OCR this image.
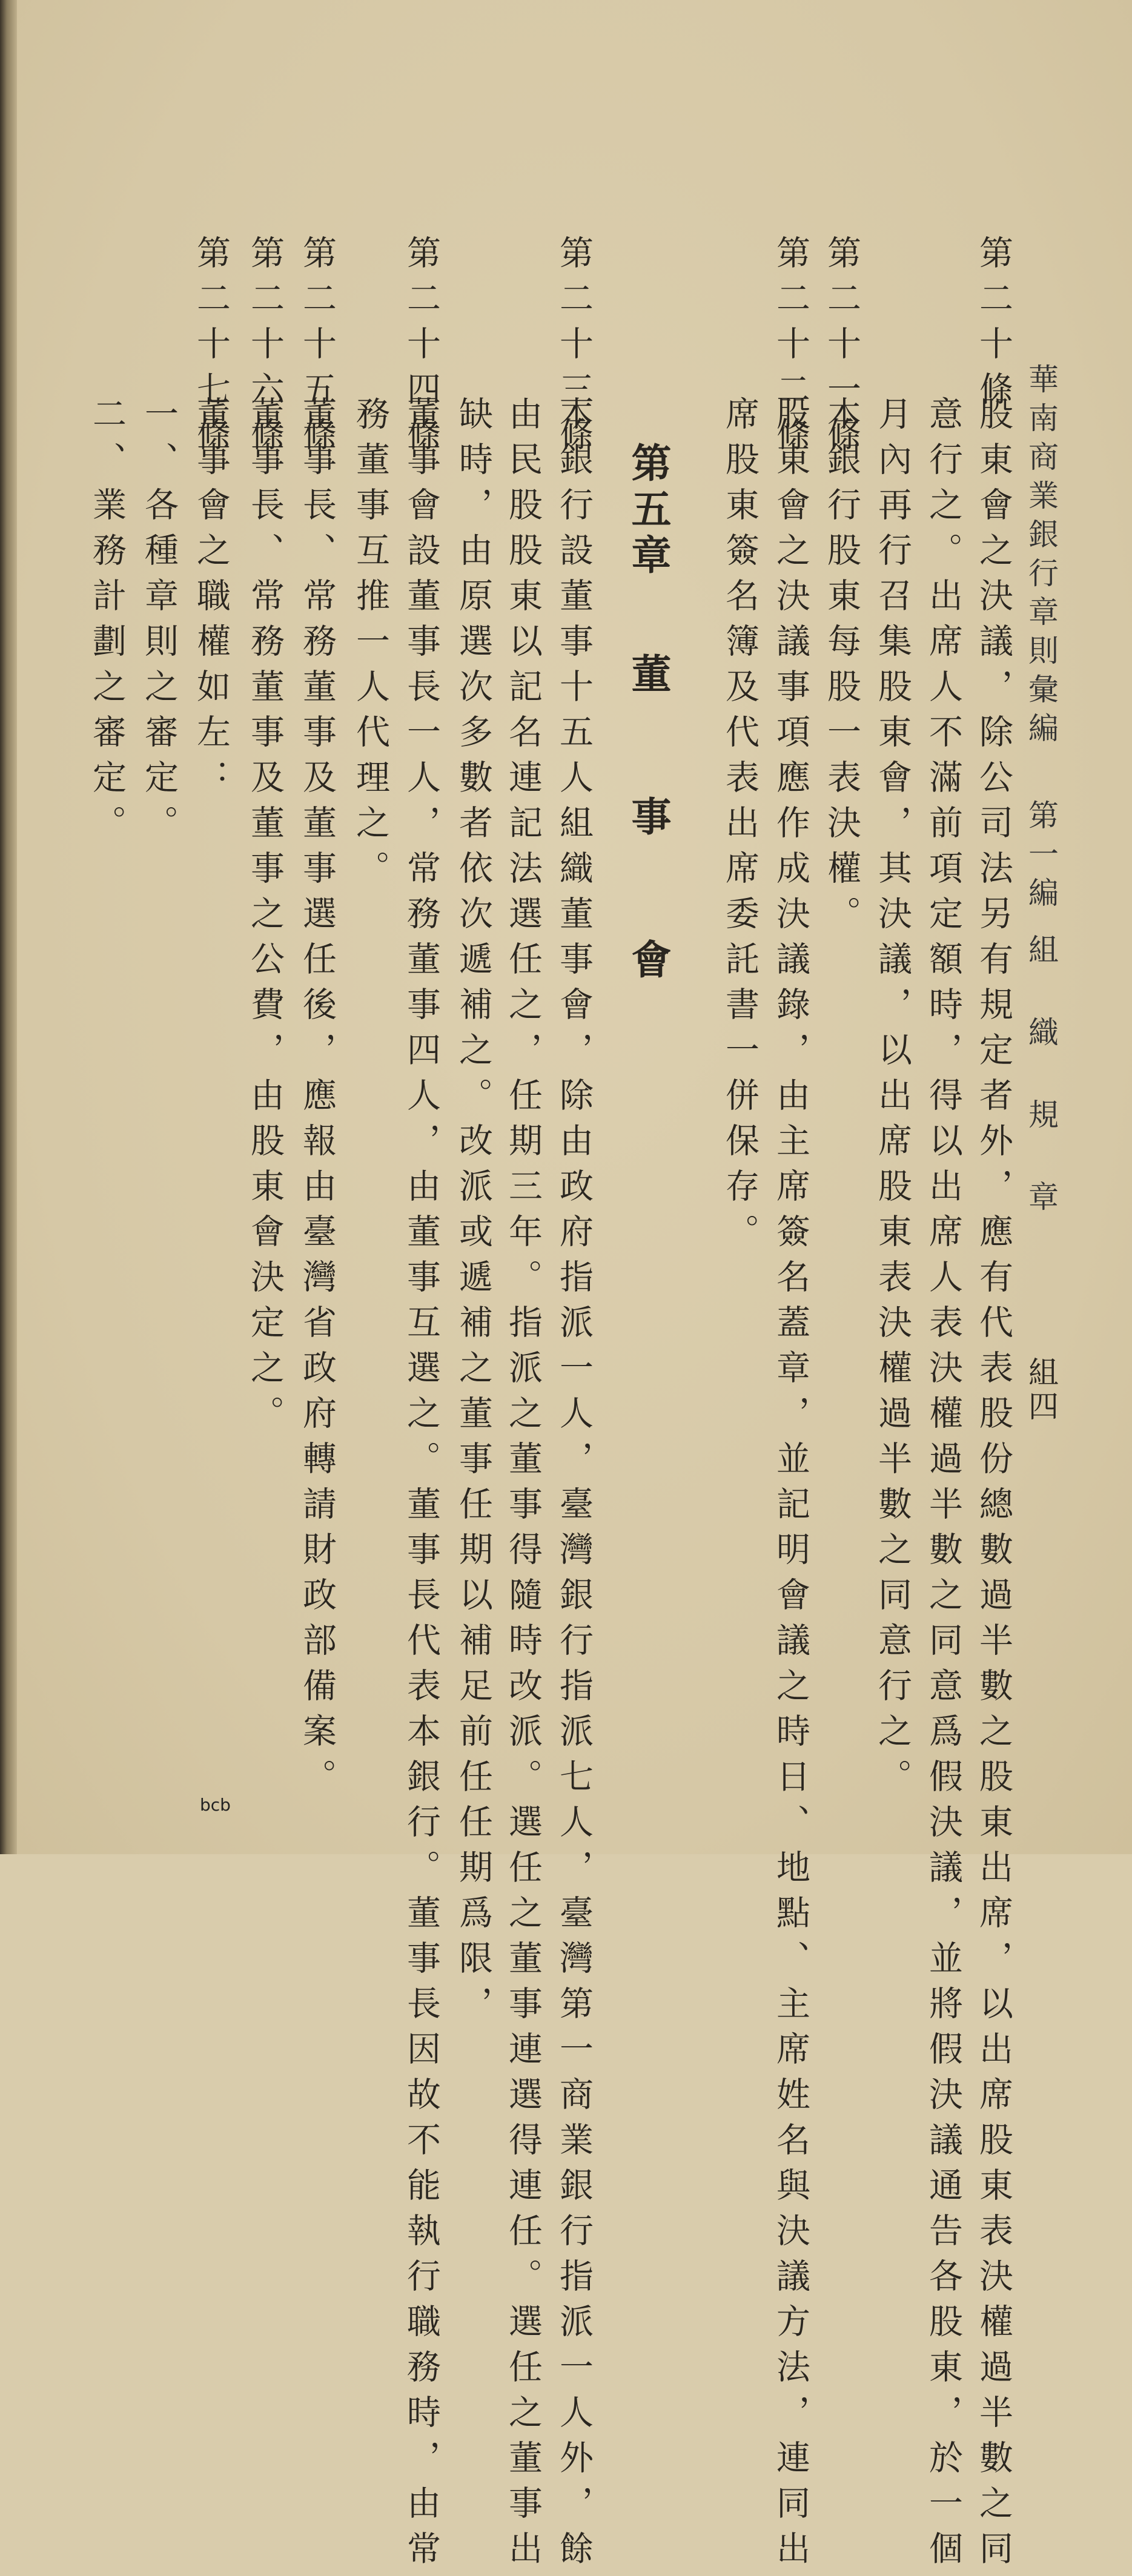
華南商業銀行章則彙編第一編組 織 規 章
組四
第二十條
股東會之決議，除公司法另有規定者外，應有代表股份總數過半數之股東出席，以出席股東表決權過半數之同
意行之。出席人不滿前項定額時，得以出席人表決權過半數之同意爲假決議，並將假決議通告各股東，於一個
月內再行召集股東會，其決議，以出席股東表決權過半數之同意行之。
第二十一條
本銀行股東每股一表決權。
第二十二條
股東會之決議事項應作成決議錄，由主席簽名蓋章，並記明會議之時日、地點、主席姓名與決議方法，連同出
席股東簽名簿及代表出席委託書一併保存。
第五章董事會
第二十三條
本銀行設董事十五人組織董事會，除由政府指派一人，臺灣銀行指派七人，臺灣第一商業銀行指派一人外，餘
由民股股東以記名連記法選任之，任期三年。指派之董事得隨時改派。選任之董事連選得連任。選任之董事出
缺時，由原選次多數者依次遞補之。改派或遞補之董事任期以補足前任任期爲限，
第二十四條
董事會設董事長一人，常務董事四人，由董事互選之。董事長代表本銀行。董事長因故不能執行職務時，由常
務董事互推一人代理之。
第二十五條
董事長、常務董事及董事選任後，應報由臺灣省政府轉請財政部備案。
第二十六條
董事長、常務董事及董事之公費，由股東會決定之。
第二十七條
董事會之職權如左：
一、各種章則之審定。
二、業務計劃之審定。
bcb
